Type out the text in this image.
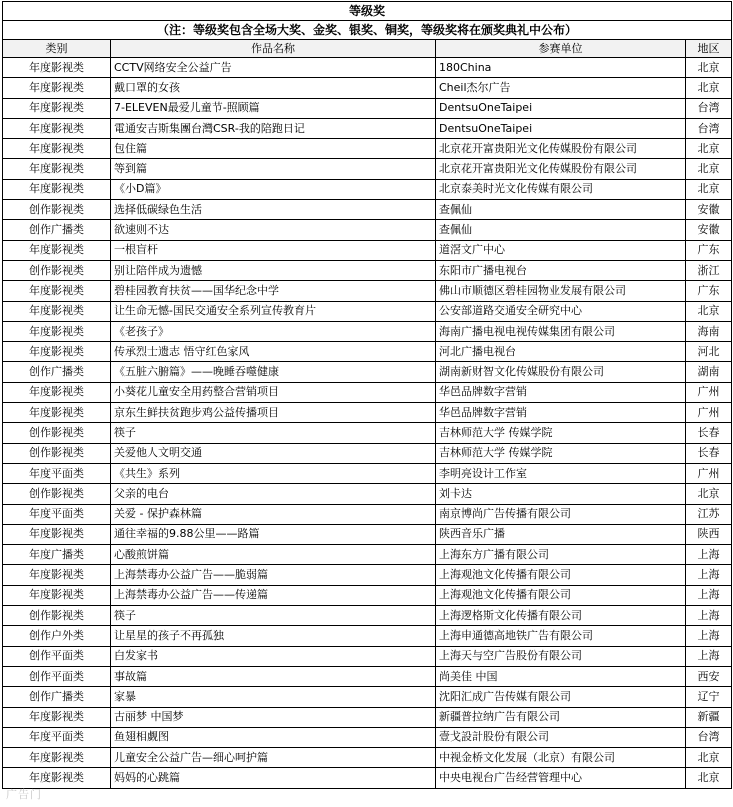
等级奖			
（注：等级奖包含全场大奖、金奖、银奖、铜奖，等级奖将在颁奖典礼中公布）			
类别	作品名称	参赛单位	地区
年度影视类	CCTV网络安全公益广告	180China	北京
年度影视类	戴口罩的女孩	Cheil杰尔广告	北京
年度影视类	7-ELEVEN最爱儿童节-照顾篇	DentsuOneTaipei	台湾
年度影视类	電通安吉斯集團台灣CSR-我的陪跑日记	DentsuOneTaipei	台湾
年度影视类	包住篇	北京花开富贵阳光文化传媒股份有限公司	北京
年度影视类	等到篇	北京花开富贵阳光文化传媒股份有限公司	北京
年度影视类	《小D篇》	北京泰美时光文化传媒有限公司	北京
创作影视类	选择低碳绿色生活	查佩仙	安徽
创作广播类	欲速则不达	查佩仙	安徽
年度影视类	一根盲杆	道滘文广中心	广东
创作影视类	别让陪伴成为遗憾	东阳市广播电视台	浙江
年度影视类	碧桂园教育扶贫——国华纪念中学	佛山市顺德区碧桂园物业发展有限公司	广东
年度影视类	让生命无憾-国民交通安全系列宣传教育片	公安部道路交通安全研究中心	北京
年度影视类	《老孩子》	海南广播电视电视传媒集团有限公司	海南
年度影视类	传承烈士遗志 悟守红色家风	河北广播电视台	河北
创作广播类	《五脏六腑篇》——晚睡吞噬健康	湖南新财智文化传媒股份有限公司	湖南
年度影视类	小葵花儿童安全用药整合营销项目	华邑品牌数字营销	广州
年度影视类	京东生鲜扶贫跑步鸡公益传播项目	华邑品牌数字营销	广州
创作影视类	筷子	吉林师范大学 传媒学院	长春
创作影视类	关爱他人文明交通	吉林师范大学 传媒学院	长春
年度平面类	《共生》系列	李明亮设计工作室	广州
创作影视类	父亲的电台	刘卡达	北京
年度平面类	关爱 - 保护森林篇	南京博尚广告传播有限公司	江苏
年度影视类	通往幸福的9.88公里——路篇	陕西音乐广播	陕西
年度广播类	心酸煎饼篇	上海东方广播有限公司	上海
年度影视类	上海禁毒办公益广告——脆弱篇	上海观池文化传播有限公司	上海
年度影视类	上海禁毒办公益广告——传递篇	上海观池文化传播有限公司	上海
创作影视类	筷子	上海逻格斯文化传播有限公司	上海
创作户外类	让星星的孩子不再孤独	上海申通德高地铁广告有限公司	上海
创作平面类	白发家书	上海天与空广告股份有限公司	上海
创作平面类	事故篇	尚美佳 中国	西安
创作广播类	家暴	沈阳汇成广告传媒有限公司	辽宁
年度影视类	古丽梦 中国梦	新疆普拉纳广告有限公司	新疆
年度平面类	鱼翅相觑图	壹戈設計股份有限公司	台湾
年度影视类	儿童安全公益广告—细心呵护篇	中视金桥文化发展（北京）有限公司	北京
年度影视类	妈妈的心跳篇	中央电视台广告经营管理中心	北京
广告门
